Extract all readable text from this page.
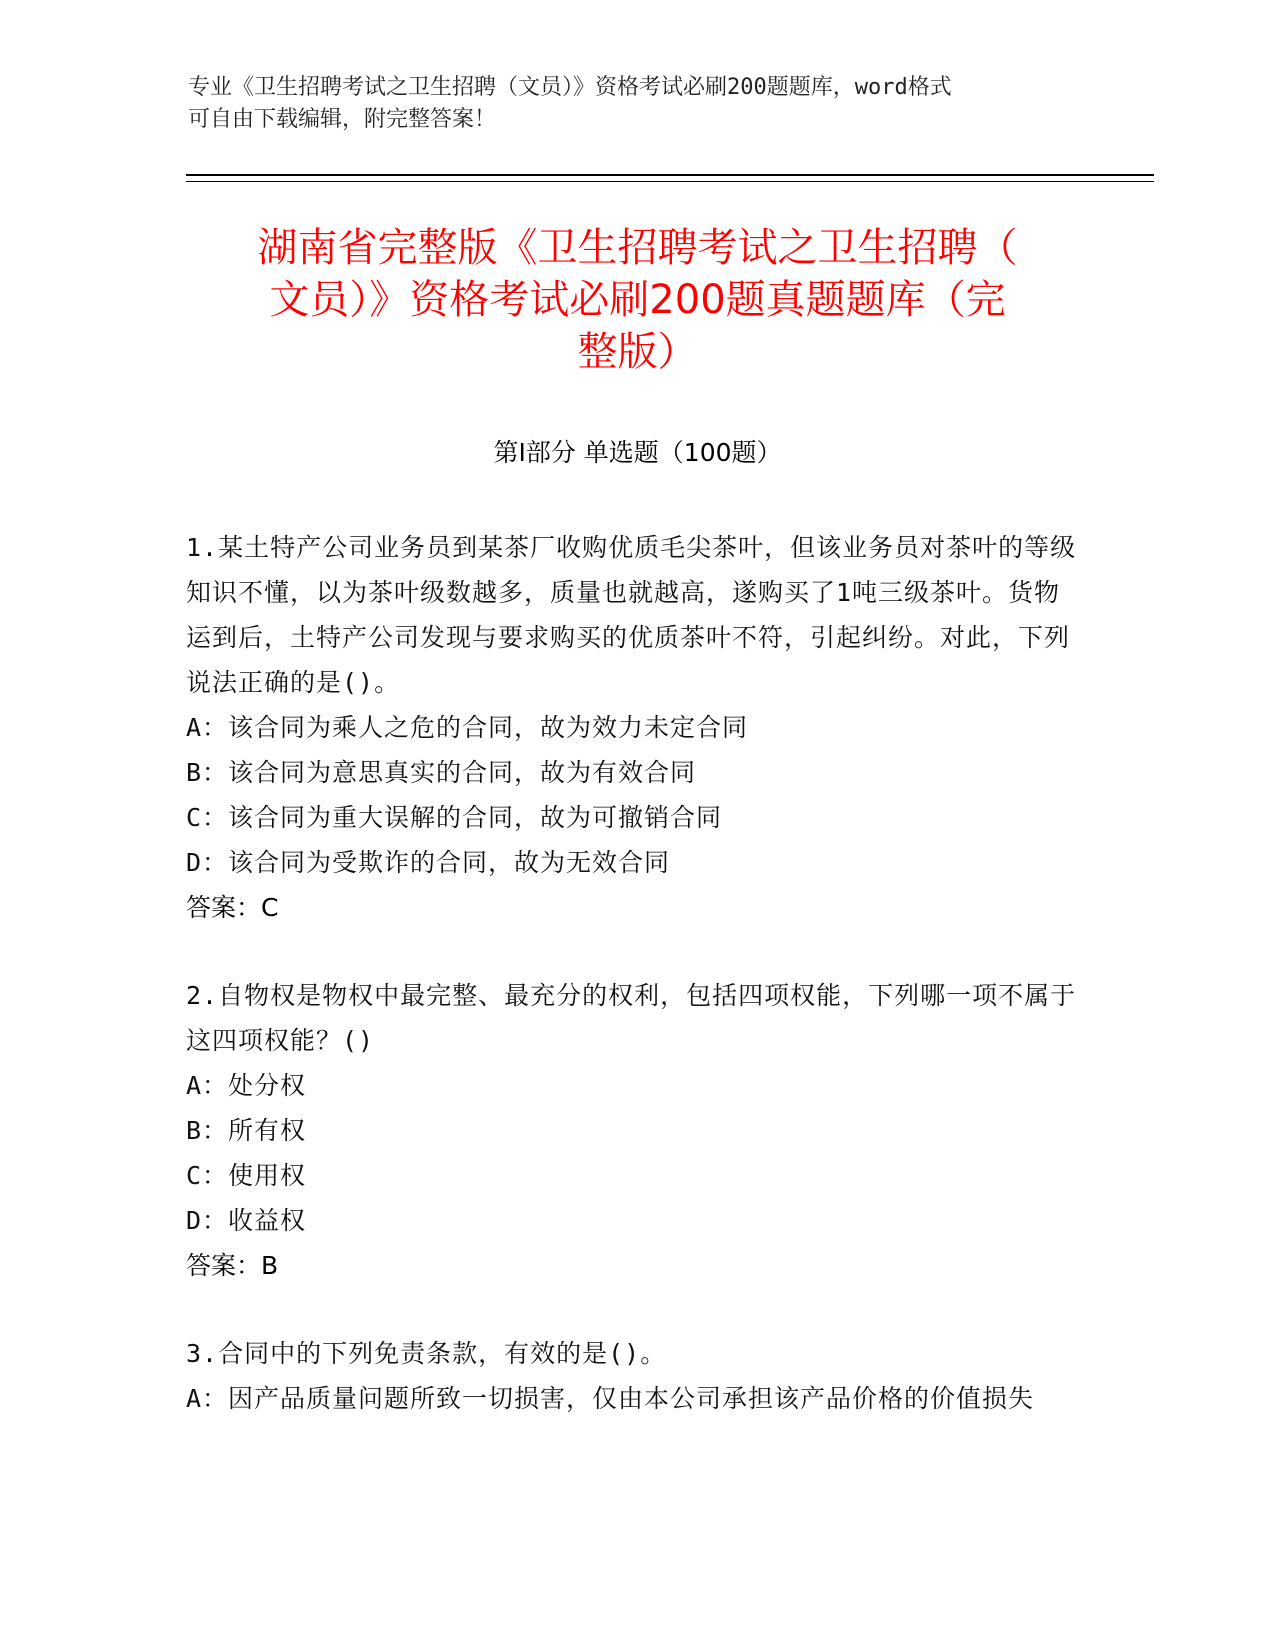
专业《卫生招聘考试之卫生招聘（文员）》资格考试必刷200题题库，word格式
可自由下载编辑，附完整答案！
湖南省完整版《卫生招聘考试之卫生招聘（
文员）》资格考试必刷200题真题题库（完
整版）
第Ⅰ部分 单选题（100题）

1.某土特产公司业务员到某茶厂收购优质毛尖茶叶，但该业务员对茶叶的等级知识不懂，以为茶叶级数越多，质量也就越高，遂购买了1吨三级茶叶。货物运到后，土特产公司发现与要求购买的优质茶叶不符，引起纠纷。对此，下列说法正确的是()。

A：该合同为乘人之危的合同，故为效力未定合同

B：该合同为意思真实的合同，故为有效合同

C：该合同为重大误解的合同，故为可撤销合同

D：该合同为受欺诈的合同，故为无效合同

答案：C

2.自物权是物权中最完整、最充分的权利，包括四项权能，下列哪一项不属于这四项权能？()

A：处分权

B：所有权

C：使用权

D：收益权

答案：B

3.合同中的下列免责条款，有效的是()。

A：因产品质量问题所致一切损害，仅由本公司承担该产品价格的价值损失
